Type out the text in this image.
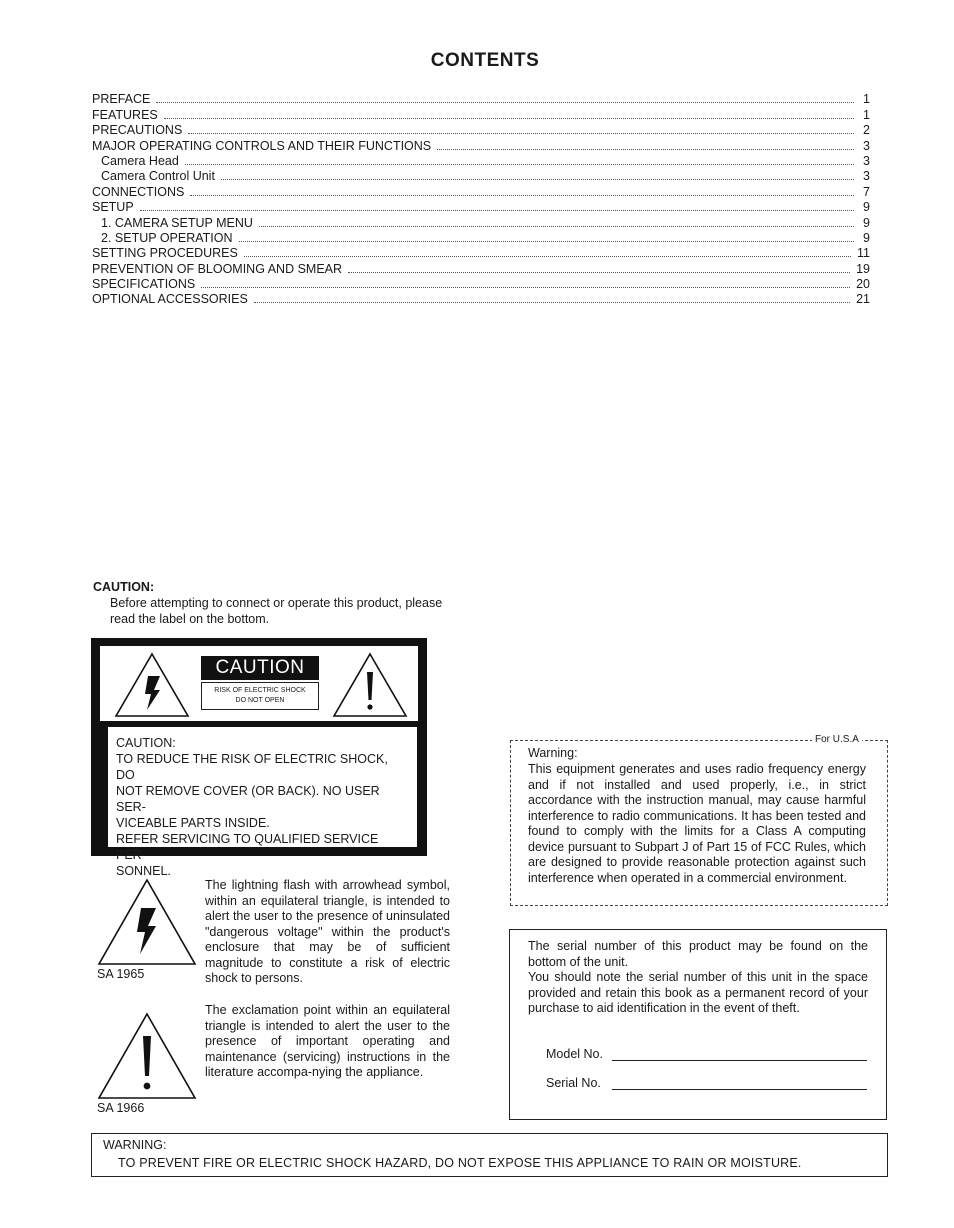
CONTENTS
PREFACE	1
FEATURES	1
PRECAUTIONS	2
MAJOR OPERATING CONTROLS AND THEIR FUNCTIONS	3
Camera Head	3
Camera Control Unit	3
CONNECTIONS	7
SETUP	9
1. CAMERA SETUP MENU	9
2. SETUP OPERATION	9
SETTING PROCEDURES	11
PREVENTION OF BLOOMING AND SMEAR	19
SPECIFICATIONS	20
OPTIONAL ACCESSORIES	21
CAUTION:
Before attempting to connect or operate this product, please read the label on the bottom.
CAUTION
RISK OF ELECTRIC SHOCK
DO NOT OPEN
CAUTION:
TO REDUCE THE RISK OF ELECTRIC SHOCK, DO
NOT REMOVE COVER (OR BACK). NO USER SER-
VICEABLE PARTS INSIDE.
REFER SERVICING TO QUALIFIED SERVICE PER-
SONNEL.
SA 1965
The lightning flash with arrowhead symbol, within an equilateral triangle, is intended to alert the user to the presence of uninsulated "dangerous voltage" within the product's enclosure that may be of sufficient magnitude to constitute a risk of electric shock to persons.
SA 1966
The exclamation point within an equilateral triangle is intended to alert the user to the presence of important operating and maintenance (servicing) instructions in the literature accompa-nying the appliance.
For U.S.A
Warning:
This equipment generates and uses radio frequency energy and if not installed and used properly, i.e., in strict accordance with the instruction manual, may cause harmful interference to radio communications. It has been tested and found to comply with the limits for a Class A computing device pursuant to Subpart J of Part 15 of FCC Rules, which are designed to provide reasonable protection against such interference when operated in a commercial environment.
The serial number of this product may be found on the bottom of the unit.
You should note the serial number of this unit in the space provided and retain this book as a permanent record of your purchase to aid identification in the event of theft.
Model No.
Serial No.
WARNING:
TO PREVENT FIRE OR ELECTRIC SHOCK HAZARD, DO NOT EXPOSE THIS APPLIANCE TO RAIN OR MOISTURE.
